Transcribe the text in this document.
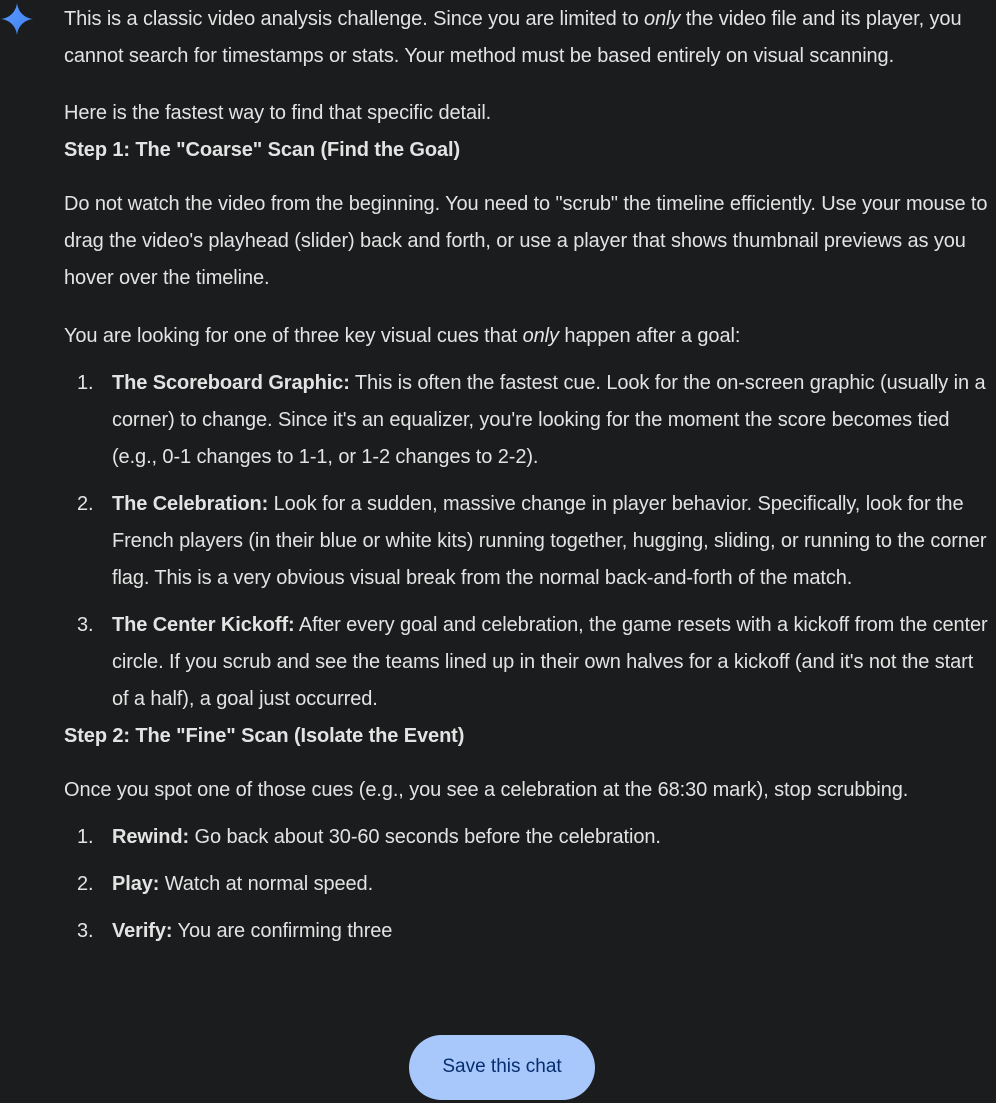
This is a classic video analysis challenge. Since you are limited to only the video file and its player, you cannot search for timestamps or stats. Your method must be based entirely on visual scanning.

Here is the fastest way to find that specific detail.

Step 1: The "Coarse" Scan (Find the Goal)

Do not watch the video from the beginning. You need to "scrub" the timeline efficiently. Use your mouse to drag the video's playhead (slider) back and forth, or use a player that shows thumbnail previews as you hover over the timeline.

You are looking for one of three key visual cues that only happen after a goal:

1. The Scoreboard Graphic: This is often the fastest cue. Look for the on-screen graphic (usually in a corner) to change. Since it's an equalizer, you're looking for the moment the score becomes tied (e.g., 0-1 changes to 1-1, or 1-2 changes to 2-2).
2. The Celebration: Look for a sudden, massive change in player behavior. Specifically, look for the French players (in their blue or white kits) running together, hugging, sliding, or running to the corner flag. This is a very obvious visual break from the normal back-and-forth of the match.
3. The Center Kickoff: After every goal and celebration, the game resets with a kickoff from the center circle. If you scrub and see the teams lined up in their own halves for a kickoff (and it's not the start of a half), a goal just occurred.
Step 2: The "Fine" Scan (Isolate the Event)

Once you spot one of those cues (e.g., you see a celebration at the 68:30 mark), stop scrubbing.

1. Rewind: Go back about 30-60 seconds before the celebration.
2. Play: Watch at normal speed.
3. Verify: You are confirming three
Save this chat
